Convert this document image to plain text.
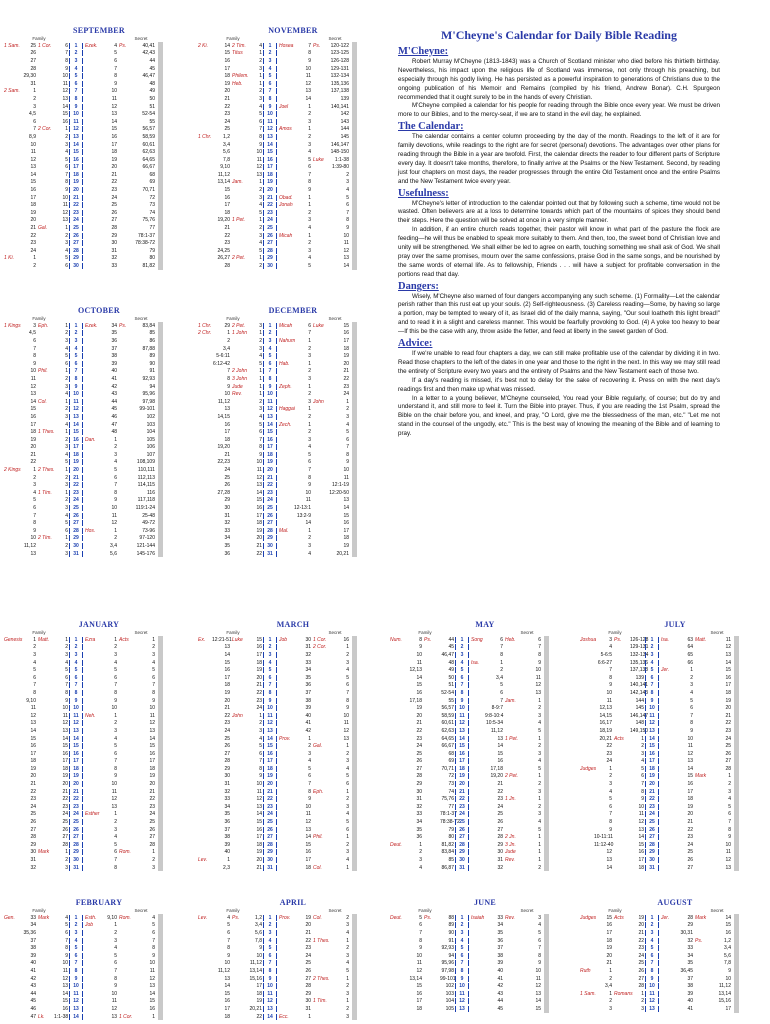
SEPTEMBER
Family	Secret
1 Sam.	25 1 Cor.	6	1	Ezek.	4 Ps.	40,41
26	7	2	5	42,43
27	8	3	6	44
28	9	4	7	45
29,30	10	5	8	46,47
31	11	6	9	48
2 Sam.	1	12	7	10	49
2	13	8	11	50
3	14	9	12	51
4,5	15	10	13	52-54
6	16	11	14	55
7 2 Cor.	1	12	15	56,57
8,9	2	13	16	58,59
10	3	14	17	60,61
11	4	15	18	62,63
12	5	16	19	64,65
13	6	17	20	66,67
14	7	18	21	68
15	8	19	22	69
16	9	20	23	70,71
17	10	21	24	72
18	11	22	25	73
19	12	23	26	74
20	13	24	27	75,76
21 Gal.	1	25	28	77
22	2	26	29	78:1-37
23	3	27	30	78:38-72
24	4	28	31	79
1 Ki.	1	5	29	32	80
2	6	30	33	81,82
NOVEMBER
Family	Secret
2 Ki.	14 2 Tim.	4	1	Hosea	7 Ps.	120-122
15 Titus	1	2	8	123-125
16	2	3	9	126-128
17	3	4	10	129-131
18 Philem.	1	5	11	132-134
19 Heb.	1	6	12	135,136
20	2	7	13	137,138
21	3	8	14	139
22	4	9	Joel	1	140,141
23	5	10	2	142
24	6	11	3	143
25	7	12	Amos	1	144
1 Chr.	1,2	8	13	2	145
3,4	9	14	3	146,147
5,6	10	15	4	148-150
7,8	11	16	5 Luke	1:1-38
9,10	12	17	6	1:39-80
11,12	13	18	7	2
13,14 Jam.	1	19	8	3
15	2	20	9	4
16	3	21	Obad.	1	5
17	4	22	Jonah	1	6
18	5	23	2	7
19,20 1 Pet.	1	24	3	8
21	2	25	4	9
22	3	26	Micah	1	10
23	4	27	2	11
24,25	5	28	3	12
26,27 2 Pet.	1	29	4	13
28	2	30	5	14
OCTOBER
Family	Secret
1 Kings	3 Eph.	1	1	Ezek.	34 Ps.	83,84
4,5	2	2	35	85
6	3	3	36	86
7	4	4	37	87,88
8	5	5	38	89
9	6	6	39	90
10 Phil.	1	7	40	91
11	2	8	41	92,93
12	3	9	42	94
13	4	10	43	95,96
14 Col.	1	11	44	97,98
15	2	12	45	99-101
16	3	13	46	102
17	4	14	47	103
18 1 Thes.	1	15	48	104
19	2	16	Dan.	1	105
20	3	17	2	106
21	4	18	3	107
22	5	19	4	108,109
2 Kings	1 2 Thes.	1	20	5	110,111
2	2	21	6	112,113
3	3	22	7	114,115
4 1 Tim.	1	23	8	116
5	2	24	9	117,118
6	3	25	10	119:1-24
7	4	26	11	25-48
8	5	27	12	49-72
9	6	28	Hos.	1	73-96
10 2 Tim.	1	29	2	97-120
11,12	2	30	3,4	121-144
13	3	31	5,6	145-176
DECEMBER
Family	Secret
1 Chr.	29 2 Pet.	3	1	Micah	6 Luke	15
2 Chr.	1 1 John	1	2	7	16
2	2	3	Nahum	1	17
3,4	3	4	2	18
5-6:11	4	5	3	19
6:12-42	5	6	Hab.	1	20
7 2 John	1	7	2	21
8 3 John	1	8	3	22
9 Jude	1	9	Zeph.	1	23
10 Rev.	1	10	2	24
11,12	2	11	3 John	1
13	3	12	Haggai	1	2
14,15	4	13	2	3
16	5	14	Zech.	1	4
17	6	15	2	5
18	7	16	3	6
19,20	8	17	4	7
21	9	18	5	8
22,23	10	19	6	9
24	11	20	7	10
25	12	21	8	11
26	13	22	9	12:1-19
27,28	14	23	10	12:20-50
29	15	24	11	13
30	16	25	12-13:1	14
31	17	26	13:2-9	15
32	18	27	14	16
33	19	28	Mal.	1	17
34	20	29	2	18
35	21	30	3	19
36	22	31	4	20,21
JANUARY
Family	Secret
Genesis	1 Matt.	1	1	Ezra	1 Acts	1
2	2	2	2	2
3	3	3	3	3
4	4	4	4	4
5	5	5	5	5
6	6	6	6	6
7	7	7	7	7
8	8	8	8	8
9,10	9	9	9	9
11	10	10	10	10
12	11	11	Neh.	1	11
13	12	12	2	12
14	13	13	3	13
15	14	14	4	14
16	15	15	5	15
17	16	16	6	16
18	17	17	7	17
19	18	18	8	18
20	19	19	9	19
21	20	20	10	20
22	21	21	11	21
23	22	22	12	22
24	23	23	13	23
25	24	24	Esther	1	24
26	25	25	2	25
27	26	26	3	26
28	27	27	4	27
29	28	28	5	28
30 Mark	1	29	6 Rom.	1
31	2	30	7	2
32	3	31	8	3
MARCH
Family	Secret
Ex.	12:21-51 Luke	15	1	Job	30 1 Cor.	16
13	16	2	31 2 Cor.	1
14	17	3	32	2
15	18	4	33	3
16	19	5	34	4
17	20	6	35	5
18	21	7	36	6
19	22	8	37	7
20	23	9	38	8
21	24	10	39	9
22 John	1	11	40	10
23	2	12	41	11
24	3	13	42	12
25	4	14	Prov.	1	13
26	5	15	2 Gal.	1
27	6	16	3	2
28	7	17	4	3
29	8	18	5	4
30	9	19	6	5
31	10	20	7	6
32	11	21	8 Eph.	1
33	12	22	9	2
34	13	23	10	3
35	14	24	11	4
36	15	25	12	5
37	16	26	13	6
38	17	27	14 Phil.	1
39	18	28	15	2
40	19	29	16	3
Lev.	1	20	30	17	4
2,3	21	31	18 Col.	1
MAY
Family	Secret
Num.	8 Ps.	44	1	Song	6 Heb.	6
9	45	2	7	7
10	46,47	3	8	8
11	48	4	Isa.	1	9
12,13	49	5	2	10
14	50	6	3,4	11
15	51	7	5	12
16	52-54	8	6	13
17,18	55	9	7 Jam.	1
19	56,57	10	8-9:7	2
20	58,59	11	9:8-10:4	3
21	60,61	12	10:5-34	4
22	62,63	13	11,12	5
23	64,65	14	13 1 Pet.	1
24	66,67	15	14	2
25	68	16	15	3
26	69	17	16	4
27	70,71	18	17,18	5
28	72	19	19,20 2 Pet.	1
29	73	20	21	2
30	74	21	22	3
31	75,76	22	23 1 Jn.	1
32	77	23	24	2
33	78:1-37 24	25	3
34	78:38-72 25	26	4
35	79	26	27	5
36	80	27	28 2 Jn.	1
Deut.	1	81,82	28	29 3 Jn.	1
2	83,84	29	30 Jude	1
3	85	30	31 Rev.	1
4	86,87	31	32	2
JULY
Family	Secret
Joshua	3 Ps.	126-128 1	Isa.	63 Matt.	11
4	129-131 2	64	12
5-6:5	132-134 3	65	13
6:6-27	135,136 4	66	14
7	137,138 5	Jer.	1	15
8	139	6	2	16
9	140,141 7	3	17
10	142,143 8	4	18
11	144	9	5	19
12,13	145	10	6	20
14,15	146,147 11	7	21
16,17	148	12	8	22
18,19	149,150 13	9	23
20,21 Acts	1	14	10	24
22	2	15	11	25
23	3	16	12	26
24	4	17	13	27
Judges	1	5	18	14	28
2	6	19	15 Mark	1
3	7	20	16	2
4	8	21	17	3
5	9	22	18	4
6	10	23	19	5
7	11	24	20	6
8	12	25	21	7
9	13	26	22	8
10-11:11	14	27	23	9
11:12-40	15	28	24	10
12	16	29	25	11
13	17	30	26	12
14	18	31	27	13
FEBRUARY
Family	Secret
Gen.	33 Mark	4	1	Esth.	9,10 Rom.	4
34	5	2	Job	1	5
35,36	6	3	2	6
37	7	4	3	7
38	8	5	4	8
39	9	6	5	9
40	10	7	6	10
41	11	8	7	11
42	12	9	8	12
43	13	10	9	13
44	14	11	10	14
45	15	12	11	15
46	16	13	12	16
47 Lk.	1:1-38	14	13 1 Cor.	1
APRIL
Family	Secret
Lev.	4 Ps.	1,2	1	Prov.	19 Col.	2
5	3,4	2	20	3
6	5,6	3	21	4
7	7,8	4	22 1 Thes.	1
8	9	5	23	2
9	10	6	24	3
10	11,12	7	25	4
11,12	13,14	8	26	5
13	15,16	9	27 2 Thes.	1
14	17	10	28	2
15	18	11	29	3
16	19	12	30 1 Tim.	1
17	20,21	13	31	2
18	22	14	Ecc.	1	3
JUNE
Family	Secret
Deut.	5 Ps.	88	1	Isaiah	33 Rev.	3
6	89	2	34	4
7	90	3	35	5
8	91	4	36	6
9	92,93	5	37	7
10	94	6	38	8
11	95,96	7	39	9
12	97,98	8	40	10
13,14	99-101	9	41	11
15	102	10	42	12
16	103	11	43	13
17	104	12	44	14
18	105	13	45	15
AUGUST
Family	Secret
Judges	15 Acts	19	1	Jer.	28 Mark	14
16	20	2	29	15
17	21	3	30,31	16
18	22	4	32 Ps.	1,2
19	23	5	33	3,4
20	24	6	34	5,6
21	25	7	35	7,8
Ruth	1	26	8	36,45	9
2	27	9	37	10
3,4	28	10	38	11,12
1 Sam.	1 Romans	1	11	39	13,14
2	2	12	40	15,16
3	3	13	41	17
M'Cheyne's Calendar for Daily Bible Reading
M'Cheyne:

Robert Murray M'Cheyne (1813-1843) was a Church of Scotland minister who died before his thirtieth birthday. Nevertheless, his impact upon the religious life of Scotland was immense, not only through his preaching, but especially through his godly living. He has persisted as a powerful inspiration to generations of Christians due to the ongoing publication of his Memoir and Remains (compiled by his friend, Andrew Bonar). C.H. Spurgeon recommended that it ought surely to be in the hands of every Christian.

M'Cheyne compiled a calendar for his people for reading through the Bible once every year. We must be driven more to our Bibles, and to the mercy-seat, if we are to stand in the evil day, he explained.

The Calendar:

The calendar contains a center column proceeding by the day of the month. Readings to the left of it are for family devotions, while readings to the right are for secret (personal) devotions. The advantages over other plans for reading through the Bible in a year are twofold. First, the calendar directs the reader to four different parts of Scripture every day. It doesn't take months, therefore, to finally arrive at the Psalms or the New Testament. Second, by reading just four chapters on most days, the reader progresses through the entire Old Testament once and the entire Psalms and the New Testament twice every year.

Usefulness:

M'Cheyne's letter of introduction to the calendar pointed out that by following such a scheme, time would not be wasted. Often believers are at a loss to determine towards which part of the mountains of spices they should bend their steps. Here the question will be solved at once in a very simple manner.

In addition, if an entire church reads together, their pastor will know in what part of the pasture the flock are feeding—he will thus be enabled to speak more suitably to them. And then, too, the sweet bond of Christian love and unity will be strengthened. We shall either be led to agree on earth, touching something we shall ask of God. We shall pray over the same promises, mourn over the same confessions, praise God in the same songs, and be nourished by the same words of eternal life. As to fellowship, Friends . . . will have a subject for profitable conversation in the portions read that day.

Dangers:

Wisely, M'Cheyne also warned of four dangers accompanying any such scheme. (1) Formality—Let the calendar perish rather than this rust eat up your souls. (2) Self-righteousness. (3) Careless reading—Some, by having so large a portion, may be tempted to weary of it, as Israel did of the daily manna, saying, "Our soul loatheth this light bread!" and to read it in a slight and careless manner. This would be fearfully provoking to God. (4) A yoke too heavy to bear—If this be the case with any, throw aside the fetter, and feed at liberty in the sweet garden of God.

Advice:

If we're unable to read four chapters a day, we can still make profitable use of the calendar by dividing it in two. Read those chapters to the left of the dates in one year and those to the right in the next. In this way we may still read the entirety of Scripture every two years and the entirety of Psalms and the New Testament each of those two.

If a day's reading is missed, it's best not to delay for the sake of recovering it. Press on with the next day's readings first and then make up what was missed.

In a letter to a young believer, M'Cheyne counseled, You read your Bible regularly, of course; but do try and understand it, and still more to feel it. Turn the Bible into prayer. Thus, if you are reading the 1st Psalm, spread the Bible on the chair before you, and kneel, and pray, "O Lord, give me the blessedness of the man, etc." "Let me not stand in the counsel of the ungodly, etc." This is the best way of knowing the meaning of the Bible and of learning to pray.
